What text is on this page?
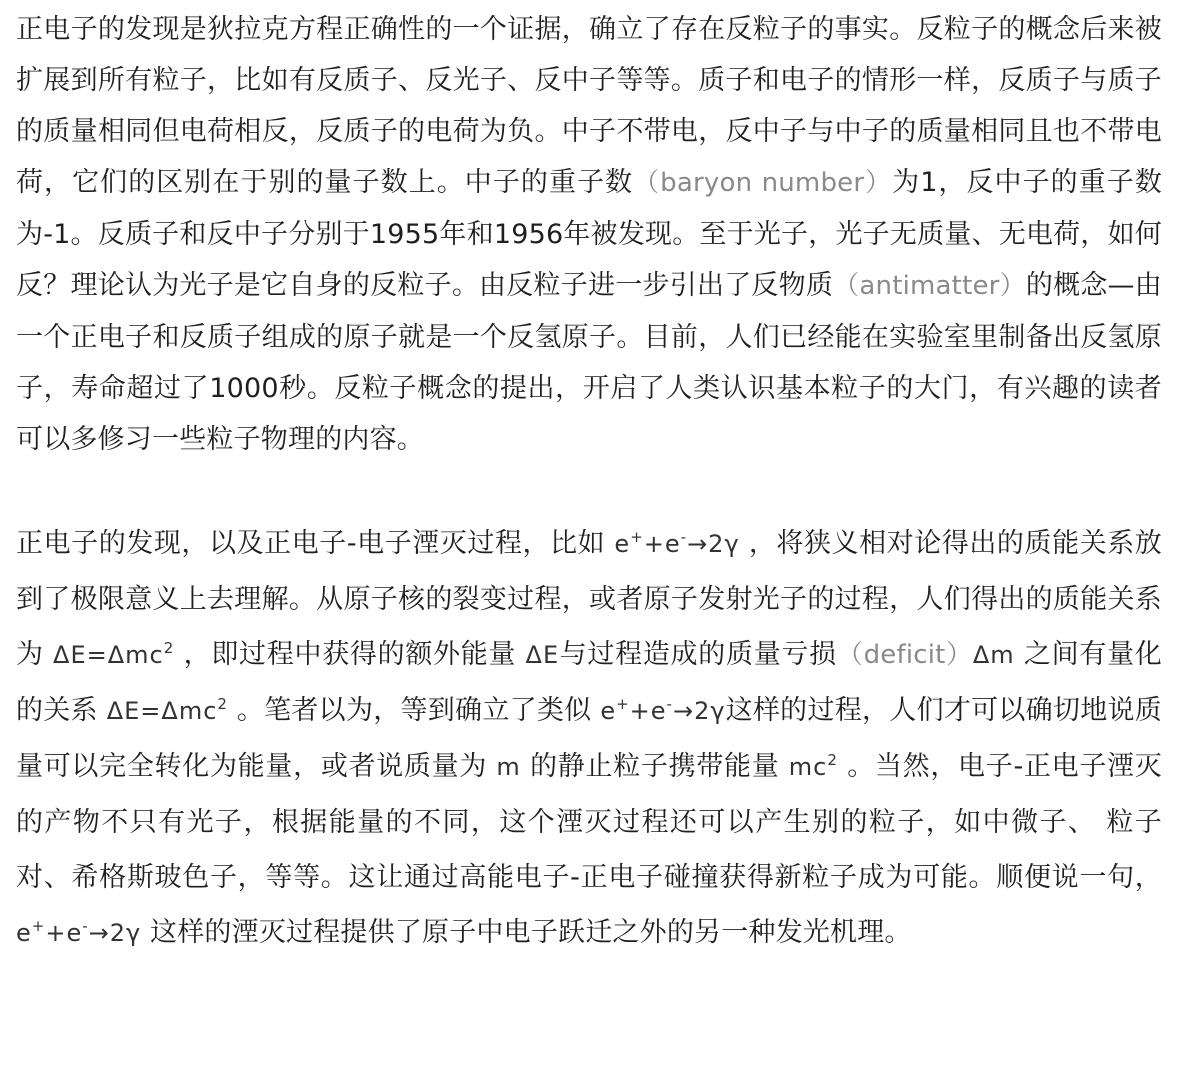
正电子的发现是狄拉克方程正确性的一个证据，确立了存在反粒子的事实。反粒子的概念后来被扩展到所有粒子，比如有反质子、反光子、反中子等等。质子和电子的情形一样，反质子与质子的质量相同但电荷相反，反质子的电荷为负。中子不带电，反中子与中子的质量相同且也不带电荷，它们的区别在于别的量子数上。中子的重子数（baryon number）为1，反中子的重子数为-1。反质子和反中子分别于1955年和1956年被发现。至于光子，光子无质量、无电荷，如何反？理论认为光子是它自身的反粒子。由反粒子进一步引出了反物质（antimatter）的概念—由一个正电子和反质子组成的原子就是一个反氢原子。目前，人们已经能在实验室里制备出反氢原子，寿命超过了1000秒。反粒子概念的提出，开启了人类认识基本粒子的大门，有兴趣的读者可以多修习一些粒子物理的内容。

正电子的发现，以及正电子-电子湮灭过程，比如 e++e-→2γ ，将狭义相对论得出的质能关系放到了极限意义上去理解。从原子核的裂变过程，或者原子发射光子的过程，人们得出的质能关系为 ΔE=Δmc$^2$ ，即过程中获得的额外能量 ΔE与过程造成的质量亏损（deficit）Δm 之间有量化的关系 ΔE=Δmc$^2$ 。笔者以为，等到确立了类似 e++e-→2γ这样的过程，人们才可以确切地说质量可以完全转化为能量，或者说质量为 m 的静止粒子携带能量 $mc^2$ 。当然，电子-正电子湮灭的产物不只有光子，根据能量的不同，这个湮灭过程还可以产生别的粒子，如中微子、 粒子对、希格斯玻色子，等等。这让通过高能电子-正电子碰撞获得新粒子成为可能。顺便说一句，e++e-→2γ 这样的湮灭过程提供了原子中电子跃迁之外的另一种发光机理。
